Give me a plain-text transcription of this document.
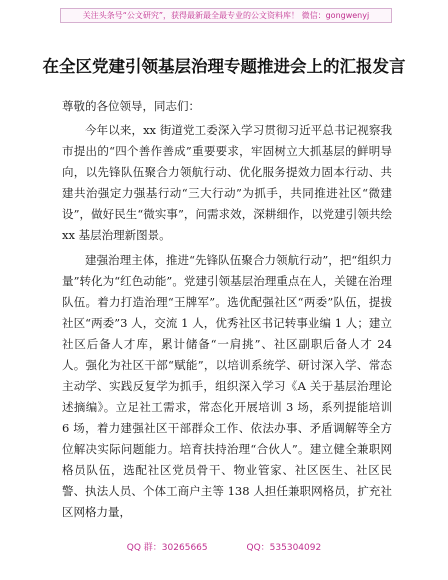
关注头条号“公文研究”，获得最新最全最专业的公文资料库！ 微信：gongwenyj
在全区党建引领基层治理专题推进会上的汇报发言
尊敬的各位领导，同志们：

今年以来，xx 街道党工委深入学习贯彻习近平总书记视察我市提出的“四个善作善成”重要要求，牢固树立大抓基层的鲜明导向，以先锋队伍聚合力领航行动、优化服务提效力固本行动、共建共治强定力强基行动“三大行动”为抓手，共同推进社区“微建设”，做好民生“微实事”，问需求效，深耕细作，以党建引领共绘 xx 基层治理新图景。

建强治理主体，推进“先锋队伍聚合力领航行动”，把“组织力量”转化为“红色动能”。党建引领基层治理重点在人，关键在治理队伍。着力打造治理“王牌军”。选优配强社区“两委”队伍，提拔社区“两委”3 人，交流 1 人，优秀社区书记转事业编 1 人；建立社区后备人才库，累计储备“一肩挑”、社区副职后备人才 24 人。强化为社区干部“赋能”，以培训系统学、研讨深入学、常态主动学、实践反复学为抓手，组织深入学习《A 关于基层治理论述摘编》。立足社工需求，常态化开展培训 3 场，系列提能培训 6 场，着力建强社区干部群众工作、依法办事、矛盾调解等全方位解决实际问题能力。培育扶持治理“合伙人”。建立健全兼职网格员队伍，选配社区党员骨干、物业管家、社区医生、社区民警、执法人员、个体工商户主等 138 人担任兼职网格员，扩充社区网格力量，

QQ 群：30265665	QQ：535304092
